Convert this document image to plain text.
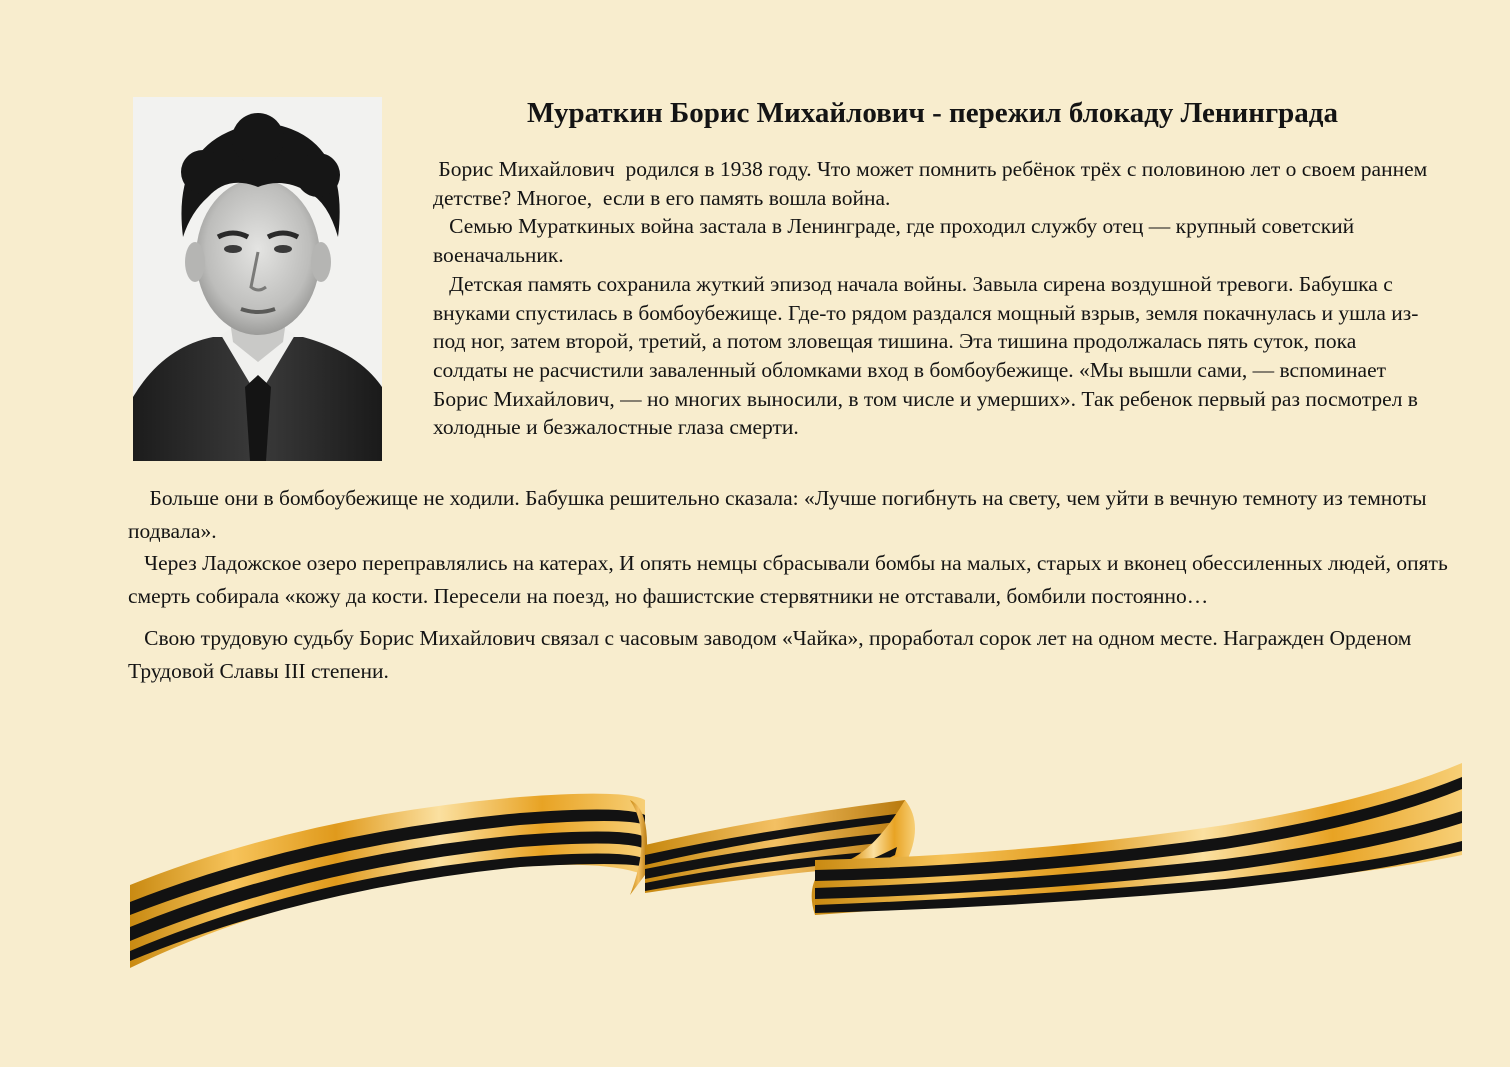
Мураткин Борис Михайлович - пережил блокаду Ленинграда

Борис Михайлович  родился в 1938 году. Что может помнить ребёнок трёх с половиною лет о своем раннем детстве? Многое,  если в его память вошла война.

Семью Мураткиных война застала в Ленинграде, где проходил службу отец — крупный советский военачальник.

Детская память сохранила жуткий эпизод начала войны. Завыла сирена воздушной тревоги. Бабушка с внуками спустилась в бомбоубежище. Где-то рядом раздался мощный взрыв, земля покачнулась и ушла из-под ног, затем второй, третий, а потом зловещая тишина. Эта тишина продолжалась пять суток, пока солдаты не расчистили заваленный обломками вход в бомбоубежище. «Мы вышли сами, — вспоминает Борис Михайлович, — но многих выносили, в том числе и умерших». Так ребенок первый раз посмотрел в холодные и безжалостные глаза смерти.

Больше они в бомбоубежище не ходили. Бабушка решительно сказала: «Лучше погибнуть на свету, чем уйти в вечную темноту из темноты подвала».

Через Ладожское озеро переправлялись на катерах, И опять немцы сбрасывали бомбы на малых, старых и вконец обессиленных людей, опять смерть собирала «кожу да кости. Пересели на поезд, но фашистские стервятники не отставали, бомбили постоянно…

Свою трудовую судьбу Борис Михайлович связал с часовым заводом «Чайка», проработал сорок лет на одном месте. Награжден Орденом Трудовой Славы III степени.
